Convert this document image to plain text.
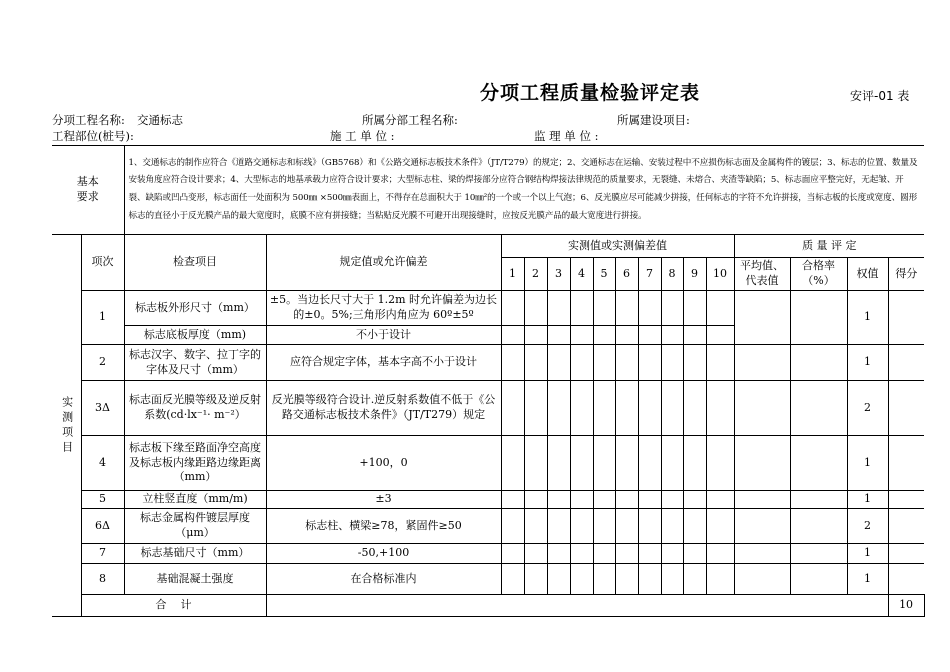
分项工程质量检验评定表	安评-01 表
分项工程名称: 交通标志	所属分部工程名称:	所属建设项目:
工程部位(桩号):	施 工 单 位 :	监 理 单 位 :
基本
要求		1、交通标志的制作应符合《道路交通标志和标线》（GB5768）和《公路交通标志板技术条件》（JT/T279）的规定；2、交通标志在运输、安装过程中不应损伤标志面及金属构件的镀层；3、标志的位置、数量及安装角度应符合设计要求；4、大型标志的地基承载力应符合设计要求；大型标志柱、梁的焊接部分应符合钢结构焊接法律规范的质量要求，无裂缝、未熔合、夹渣等缺陷；5、标志面应平整完好，无起皱、开裂、缺陷或凹凸变形，标志面任一处面积为 500㎜ ×500㎜表面上，不得存在总面积大于 10㎜²的一个或一个以上气泡；6、反光膜应尽可能减少拼接，任何标志的字符不允许拼接，当标志板的长度或宽度、圆形标志的直径小于反光膜产品的最大宽度时，底膜不应有拼接缝；当粘贴反光膜不可避开出现接缝时，应按反光膜产品的最大宽度进行拼接。																
实测项目	项次	检查项目	规定值或允许偏差	实测值或实测偏差值										质 量 评 定				
				1	2	3	4	5	6	7	8	9	10	平均值、代表值	合格率（%）	权值	得分	
	1	标志板外形尺寸（mm）	±5。当边长尺寸大于 1.2m 时允许偏差为边长的±0。5%;三角形内角应为 60º±5º													1		
		标志底板厚度（mm)	不小于设计															
	2	标志汉字、数字、拉丁字的字体及尺寸（mm）	应符合规定字体，基本字高不小于设计													1		
	3Δ	标志面反光膜等级及逆反射系数(cd·lx⁻¹· m⁻²）	反光膜等级符合设计.逆反射系数值不低于《公路交通标志板技术条件》（JT/T279）规定													2		
	4	标志板下缘至路面净空高度及标志板内缘距路边缘距离（mm）	+100，0													1		
	5	立柱竖直度（mm/m)	±3													1		
	6Δ	标志金属构件镀层厚度（μm）	标志柱、横梁≥78，紧固件≥50													2		
	7	标志基础尺寸（mm）	-50,+100													1		
	8	基础混凝土强度	在合格标准内													1		
	合    计																10	
